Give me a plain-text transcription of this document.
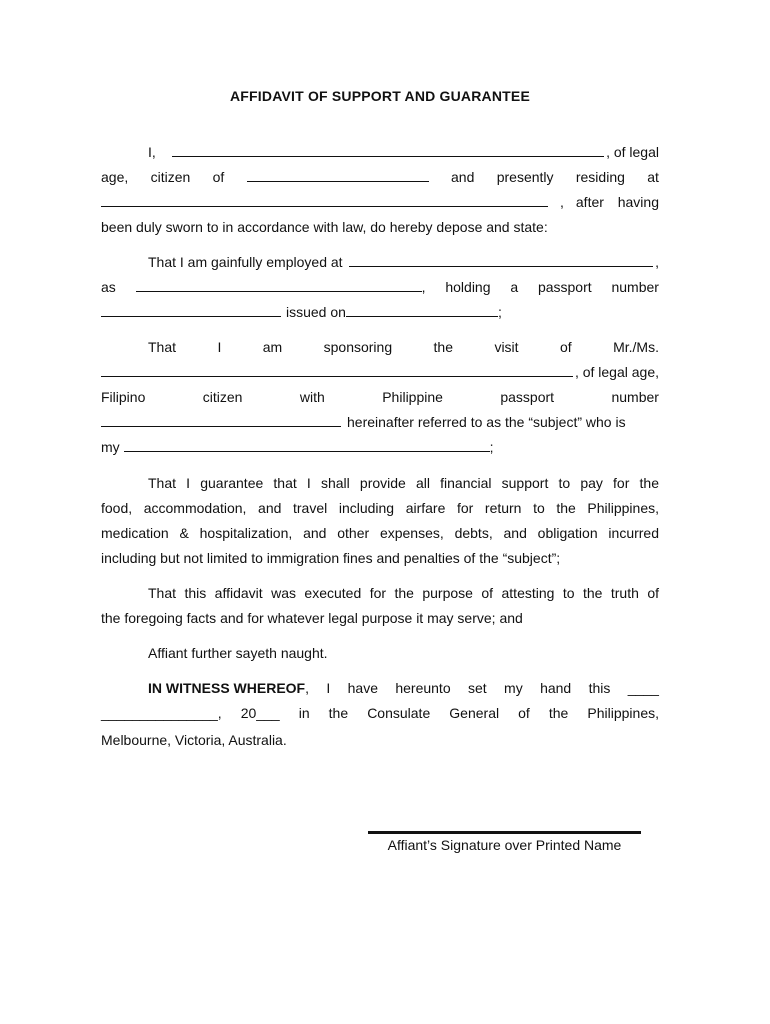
AFFIDAVIT OF SUPPORT AND GUARANTEE
I,	, of legal
age, citizen of	and presently residing at
, after having
been duly sworn to in accordance with law, do hereby depose and state:
That I am gainfully employed at	,
as	, holding a passport number
issued on	;
That	I	am	sponsoring	the	visit	of	Mr./Ms.
, of legal age,
Filipino	citizen	with	Philippine	passport	number
hereinafter referred to as the “subject” who is
my	;
That I guarantee that I shall provide all financial support to pay for the
food, accommodation, and travel including airfare for return to the Philippines,
medication & hospitalization, and other expenses, debts, and obligation incurred
including but not limited to immigration fines and penalties of the “subject”;
That this affidavit was executed for the purpose of attesting to the truth of
the foregoing facts and for whatever legal purpose it may serve; and
Affiant further sayeth naught.
IN WITNESS WHEREOF, I have hereunto set my hand this ____
_______________, 20___ in the Consulate General of the Philippines,
Melbourne, Victoria, Australia.
Affiant’s Signature over Printed Name
